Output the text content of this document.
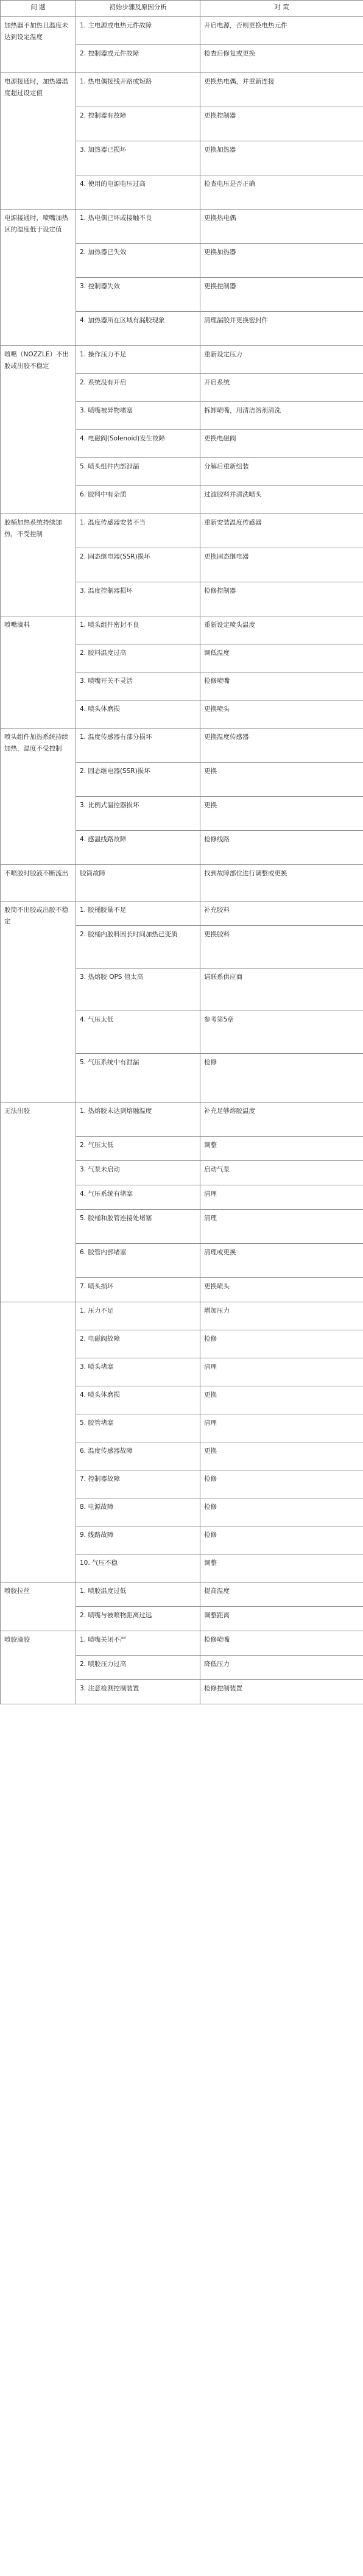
问 题	初始步骤及原因分析	对 策
加热器不加热且温度未达到设定温度	1. 主电源或电热元件故障	开启电源，否则更换电热元件
	2. 控制器或元件故障	检查后修复或更换
电源接通时，加热器温度超过设定值	1. 热电偶接线开路或短路	更换热电偶，并重新连接
	2. 控制器有故障	更换控制器
	3. 加热器已损坏	更换加热器
	4. 使用的电源电压过高	检查电压是否正确
电源接通时，喷嘴加热区的温度低于设定值	1. 热电偶已坏或接触不良	更换热电偶
	2. 加热器已失效	更换加热器
	3. 控制器失效	更换控制器
	4. 加热器所在区域有漏胶现象	清理漏胶并更换密封件
喷嘴（NOZZLE）不出胶或出胶不稳定	1. 操作压力不足	重新设定压力
	2. 系统没有开启	开启系统
	3. 喷嘴被异物堵塞	拆卸喷嘴，用清洁溶剂清洗
	4. 电磁阀(Solenoid)发生故障	更换电磁阀
	5. 喷头组件内部泄漏	分解后重新组装
	6. 胶料中有杂质	过滤胶料并清洗喷头
胶桶加热系统持续加热，不受控制	1. 温度传感器安装不当	重新安装温度传感器
	2. 固态继电器(SSR)损坏	更换固态继电器
	3. 温度控制器损坏	检修控制器
喷嘴滴料	1. 喷头组件密封不良	重新设定喷头温度
	2. 胶料温度过高	调低温度
	3. 喷嘴开关不灵活	检修喷嘴
	4. 喷头体磨损	更换喷头
喷头组件加热系统持续加热，温度不受控制	1. 温度传感器有部分损坏	更换温度传感器
	2. 固态继电器(SSR)损坏	更换
	3. 比例式温控器损坏	更换
	4. 感温线路故障	检修线路
不喷胶时胶液不断流出	胶筒故障	找到故障部位进行调整或更换
胶筒不出胶或出胶不稳定	1. 胶桶胶量不足	补充胶料
	2. 胶桶内胶料因长时间加热已变质	更换胶料
	3. 热熔胶 OPS 值太高	请联系供应商
	4. 气压太低	参考第5章
	5. 气压系统中有泄漏	检修
无法出胶	1. 热熔胶未达到熔融温度	补充足够熔胶温度
	2. 气压太低	调整
	3. 气泵未启动	启动气泵
	4. 气压系统有堵塞	清理
	5. 胶桶和胶管连接处堵塞	清理
	6. 胶管内部堵塞	清理或更换
	7. 喷头损坏	更换喷头
	1. 压力不足	增加压力
	2. 电磁阀故障	检修
	3. 喷头堵塞	清理
	4. 喷头体磨损	更换
	5. 胶管堵塞	清理
	6. 温度传感器故障	更换
	7. 控制器故障	检修
	8. 电源故障	检修
	9. 线路故障	检修
	10. 气压不稳	调整
喷胶拉丝	1. 喷胶温度过低	提高温度
	2. 喷嘴与被喷物距离过远	调整距离
喷胶滴胶	1. 喷嘴关闭不严	检修喷嘴
	2. 喷胶压力过高	降低压力
	3. 注意检测控制装置	检修控制装置
